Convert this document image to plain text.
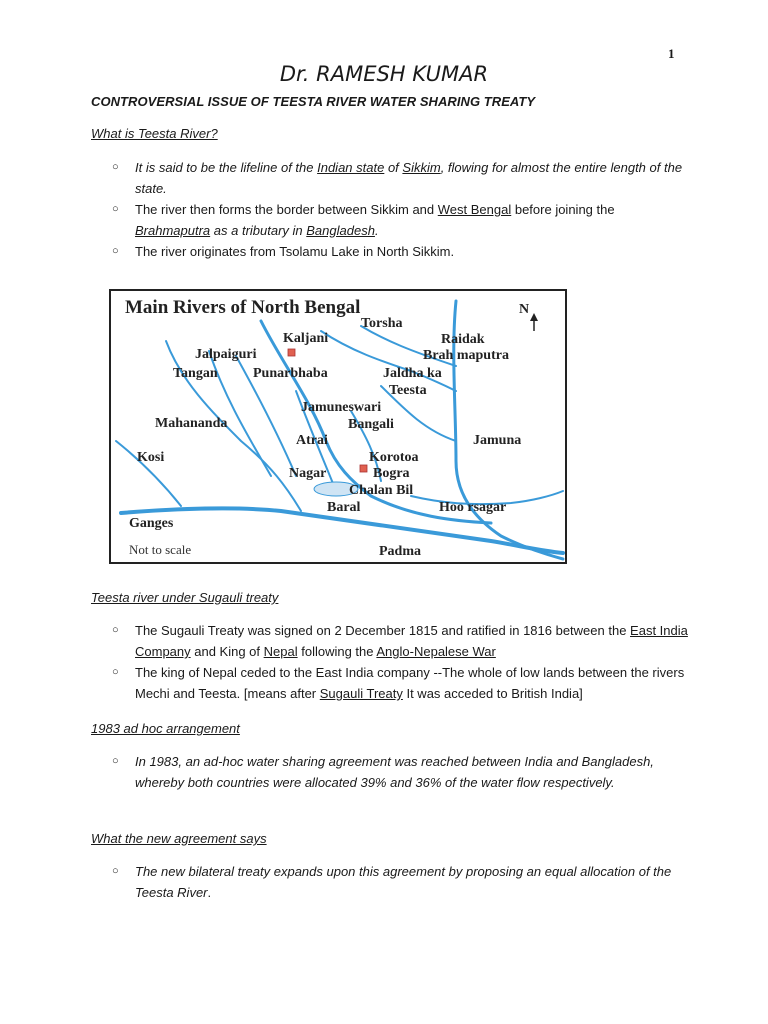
1
Dr. RAMESH KUMAR
CONTROVERSIAL ISSUE OF TEESTA RIVER WATER SHARING TREATY
What is Teesta River?
○ It is said to be the lifeline of the Indian state of Sikkim, flowing for almost the entire length of the state.
○ The river then forms the border between Sikkim and West Bengal before joining the Brahmaputra as a tributary in Bangladesh.
○ The river originates from Tsolamu Lake in North Sikkim.
Main Rivers of North Bengal	N
Torsha
Kaljani	Raidak
Jalpaiguri	Brah maputra
Tangan	Punarbhaba	Jaldha ka
Teesta
Jamuneswari
Mahananda	Bangali
Atrai	Jamuna
Kosi	Korotoa
Nagar	Bogra
Chalan Bil
Baral	Hoo rsagar
Ganges
Not to scale	Padma
Teesta river under Sugauli treaty
○ The Sugauli Treaty was signed on 2 December 1815 and ratified in 1816 between the East India Company and King of Nepal following the Anglo-Nepalese War
○ The king of Nepal ceded to the East India company --The whole of low lands between the rivers Mechi and Teesta. [means after Sugauli Treaty It was acceded to British India]
1983 ad hoc arrangement
○ In 1983, an ad-hoc water sharing agreement was reached between India and Bangladesh, whereby both countries were allocated 39% and 36% of the water flow respectively.
What the new agreement says
○ The new bilateral treaty expands upon this agreement by proposing an equal allocation of the Teesta River.
